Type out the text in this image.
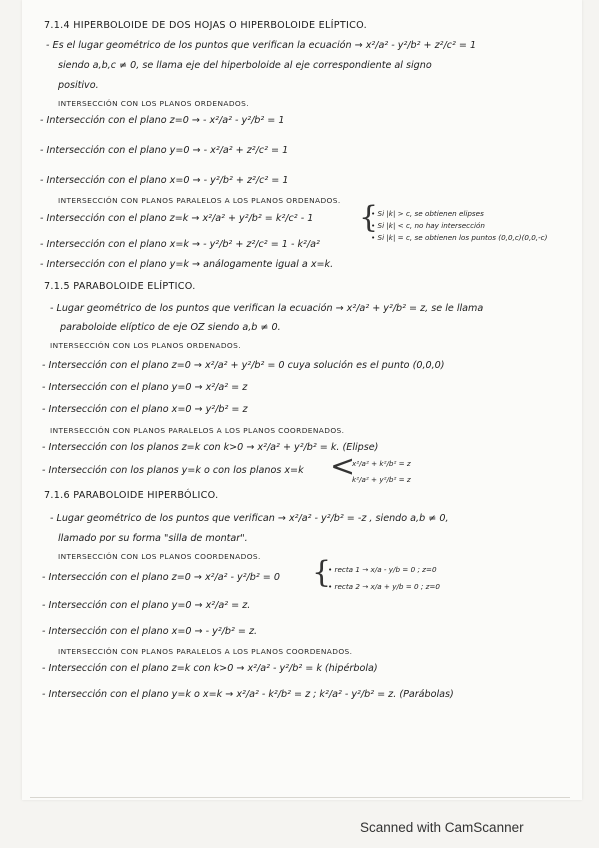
7.1.4 HIPERBOLOIDE DE DOS HOJAS O HIPERBOLOIDE ELÍPTICO.
- Es el lugar geométrico de los puntos que verifican la ecuación → x²/a² - y²/b² + z²/c² = 1
siendo a,b,c ≠ 0, se llama eje del hiperboloide al eje correspondiente al signo
positivo.
INTERSECCIÓN CON LOS PLANOS ORDENADOS.
- Intersección con el plano z=0 → - x²/a² - y²/b² = 1
- Intersección con el plano y=0 → - x²/a² + z²/c² = 1
- Intersección con el plano x=0 → - y²/b² + z²/c² = 1
INTERSECCIÓN CON PLANOS PARALELOS A LOS PLANOS ORDENADOS.
- Intersección con el plano z=k → x²/a² + y²/b² = k²/c² - 1
- Intersección con el plano x=k → - y²/b² + z²/c² = 1 - k²/a²
- Intersección con el plano y=k → análogamente igual a x=k.
{
• Si |k| > c, se obtienen elipses
• Si |k| < c, no hay intersección
• Si |k| = c, se obtienen los puntos (0,0,c)(0,0,-c)
7.1.5 PARABOLOIDE ELÍPTICO.
- Lugar geométrico de los puntos que verifican la ecuación → x²/a² + y²/b² = z, se le llama
paraboloide elíptico de eje OZ siendo a,b ≠ 0.
INTERSECCIÓN CON LOS PLANOS ORDENADOS.
- Intersección con el plano z=0 → x²/a² + y²/b² = 0 cuya solución es el punto (0,0,0)
- Intersección con el plano y=0 → x²/a² = z
- Intersección con el plano x=0 → y²/b² = z
INTERSECCIÓN CON PLANOS PARALELOS A LOS PLANOS COORDENADOS.
- Intersección con los planos z=k con k>0 → x²/a² + y²/b² = k. (Elipse)
- Intersección con los planos y=k o con los planos x=k <
x²/a² + k²/b² = z
k²/a² + y²/b² = z
7.1.6 PARABOLOIDE HIPERBÓLICO.
- Lugar geométrico de los puntos que verifican → x²/a² - y²/b² = -z , siendo a,b ≠ 0,
llamado por su forma "silla de montar".
INTERSECCIÓN CON LOS PLANOS COORDENADOS.
- Intersección con el plano z=0 → x²/a² - y²/b² = 0 {
• recta 1 → x/a - y/b = 0 ; z=0
• recta 2 → x/a + y/b = 0 ; z=0
- Intersección con el plano y=0 → x²/a² = z.
- Intersección con el plano x=0 → - y²/b² = z.
INTERSECCIÓN CON PLANOS PARALELOS A LOS PLANOS COORDENADOS.
- Intersección con el plano z=k con k>0 → x²/a² - y²/b² = k (hipérbola)
- Intersección con el plano y=k o x=k → x²/a² - k²/b² = z ; k²/a² - y²/b² = z. (Parábolas)
Scanned with CamScanner
